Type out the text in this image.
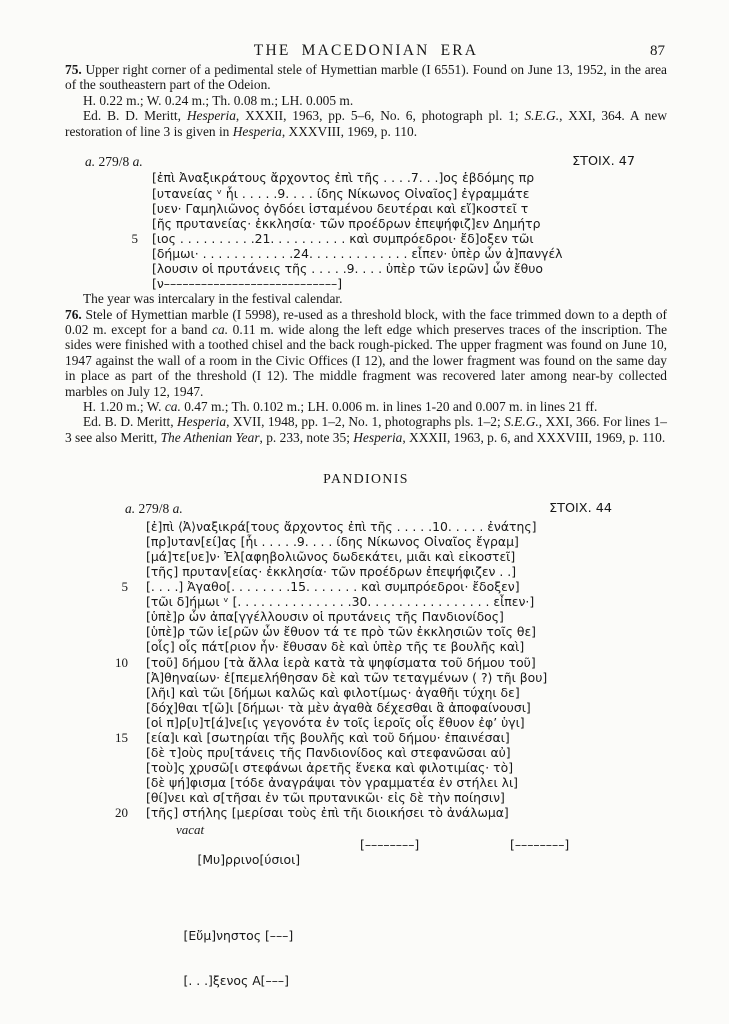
THE MACEDONIAN ERA	87

75. Upper right corner of a pedimental stele of Hymettian marble (I 6551). Found on June 13, 1952, in the area of the southeastern part of the Odeion.

H. 0.22 m.; W. 0.24 m.; Th. 0.08 m.; LH. 0.005 m.

Ed. B. D. Meritt, Hesperia, XXXII, 1963, pp. 5–6, No. 6, photograph pl. 1; S.E.G., XXI, 364. A new restoration of line 3 is given in Hesperia, XXXVIII, 1969, p. 110.

a. 279/8 a.	ΣΤΟΙΧ. 47
[ἐπὶ Ἀναξικράτους ἄρχοντος ἐπὶ τῆς . . . .7. . .]ος ἑβδόμης πρ
[υτανείας ᵛ ἧι . . . . .9. . . . ίδης Νίκωνος Οἰναῖος] ἐγραμμάτε
[υεν· Γαμηλιῶνος ὀγδόει ἱσταμένου δευτέραι καὶ εἴ]κοστεῖ τ
[ῆς πρυτανείας· ἐκκλησία· τῶν προέδρων ἐπεψήφιζ]εν Δημήτρ
5	[ιος . . . . . . . . . .21. . . . . . . . . . καὶ συμπρόεδροι· ἔδ]οξεν τῶι
[δήμωι· . . . . . . . . . . . .24. . . . . . . . . . . . . εἶπεν· ὑπὲρ ὧν ἀ]πανγέλ
[λουσιν οἱ πρυτάνεις τῆς . . . . .9. . . . ὑπὲρ τῶν ἱερῶν] ὧν ἔθυο
[ν––––––––––––––––––––––––––––]

The year was intercalary in the festival calendar.

76. Stele of Hymettian marble (I 5998), re-used as a threshold block, with the face trimmed down to a depth of 0.02 m. except for a band ca. 0.11 m. wide along the left edge which preserves traces of the inscription. The sides were finished with a toothed chisel and the back rough-picked. The upper fragment was found on June 10, 1947 against the wall of a room in the Civic Offices (I 12), and the lower fragment was found on the same day in place as part of the threshold (I 12). The middle fragment was recovered later among near-by collected marbles on July 12, 1947.

H. 1.20 m.; W. ca. 0.47 m.; Th. 0.102 m.; LH. 0.006 m. in lines 1-20 and 0.007 m. in lines 21 ff.

Ed. B. D. Meritt, Hesperia, XVII, 1948, pp. 1–2, No. 1, photographs pls. 1–2; S.E.G., XXI, 366. For lines 1–3 see also Meritt, The Athenian Year, p. 233, note 35; Hesperia, XXXII, 1963, p. 6, and XXXVIII, 1969, p. 110.

PANDIONIS
a. 279/8 a.	ΣΤΟΙΧ. 44
[ἐ]πὶ ⟨Ἀ⟩ναξικρά[τους ἄρχοντος ἐπὶ τῆς . . . . .10. . . . . ἐνάτης]
[πρ]υταν[εί]ας [ἧι . . . . .9. . . . ίδης Νίκωνος Οἰναῖος ἔγραμ]
[μά]τε[υε]ν· Ἐλ[αφηβολιῶνος δωδεκάτει, μιᾶι καὶ εἰκοστεῖ]
[τῆς] πρυταν[είας· ἐκκλησία· τῶν προέδρων ἐπεψήφιζεν . .]
5	[. . . .] Ἀγαθο[. . . . . . . .15. . . . . . . καὶ συμπρόεδροι· ἔδοξεν]
[τῶι δ]ήμωι ᵛ [. . . . . . . . . . . . . . .30. . . . . . . . . . . . . . . . εἶπεν·]
[ὑπὲ]ρ ὧν ἀπα[γγέλλουσιν οἱ πρυτάνεις τῆς Πανδιονίδος]
[ὑπὲ]ρ τῶν ἱε[ρῶν ὧν ἔθυον τά τε πρὸ τῶν ἐκκλησιῶν τοῖς θε]
[οἷς] οἷς πάτ[ριον ἦν· ἔθυσαν δὲ καὶ ὑπὲρ τῆς τε βουλῆς καὶ]
10	[τοῦ] δήμου [τὰ ἄλλα ἱερὰ κατὰ τὰ ψηφίσματα τοῦ δήμου τοῦ]
[Ἀ]θηναίων· ἐ[πεμελήθησαν δὲ καὶ τῶν τεταγμένων ( ?) τῆι βου]
[λῆι] καὶ τῶι [δήμωι καλῶς καὶ φιλοτίμως· ἀγαθῆι τύχηι δε]
[δόχ]θαι τ[ῶ]ι [δήμωι· τὰ μὲν ἀγαθὰ δέχεσθαι ἃ ἀποφαίνουσι]
[οἱ π]ρ[υ]τ[ά]νε[ις γεγονότα ἐν τοῖς ἱεροῖς οἷς ἔθυον ἐφ’ ὑγι]
15	[εία]ι καὶ [σωτηρίαι τῆς βουλῆς καὶ τοῦ δήμου· ἐπαινέσαι]
[δὲ τ]οὺς πρυ[τάνεις τῆς Πανδιονίδος καὶ στεφανῶσαι αὐ]
[τοὺ]ς χρυσῶ[ι στεφάνωι ἀρετῆς ἕνεκα καὶ φιλοτιμίας· τὸ]
[δὲ ψή]φισμα [τόδε ἀναγράψαι τὸν γραμματέα ἐν στήλει λι]
[θί]νει καὶ σ[τῆσαι ἐν τῶι πρυτανικῶι· εἰς δὲ τὴν ποίησιν]
20	[τῆς] στήλης [μερίσαι τοὺς ἐπὶ τῆι διοικήσει τὸ ἀνάλωμα]
vacat

[Μυ]ρρινο[ύσιοι]

[––––––––]

	[––––––––]

[Εὔμ]νηστος [–––]

[. . .]ξενος Α[–––]
